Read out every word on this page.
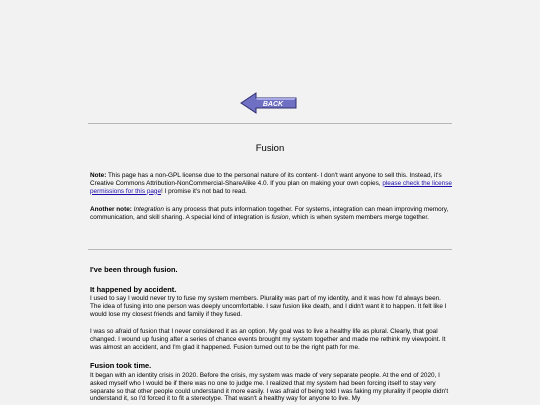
BACK
Fusion

Note: This page has a non-GPL license due to the personal nature of its content- I don't want anyone to sell this. Instead, it's Creative Commons Attribution-NonCommercial-ShareAlike 4.0. If you plan on making your own copies, please check the license permissions for this page! I promise it's not bad to read.

Another note: Integration is any process that puts information together. For systems, integration can mean improving memory, communication, and skill sharing. A special kind of integration is fusion, which is when system members merge together.

I've been through fusion.
It happened by accident.

I used to say I would never try to fuse my system members. Plurality was part of my identity, and it was how I'd always been. The idea of fusing into one person was deeply uncomfortable. I saw fusion like death, and I didn't want it to happen. It felt like I would lose my closest friends and family if they fused.

I was so afraid of fusion that I never considered it as an option. My goal was to live a healthy life as plural. Clearly, that goal changed. I wound up fusing after a series of chance events brought my system together and made me rethink my viewpoint. It was almost an accident, and I'm glad it happened. Fusion turned out to be the right path for me.

Fusion took time.

It began with an identity crisis in 2020. Before the crisis, my system was made of very separate people. At the end of 2020, I asked myself who I would be if there was no one to judge me. I realized that my system had been forcing itself to stay very separate so that other people could understand it more easily. I was afraid of being told I was faking my plurality if people didn't understand it, so I'd forced it to fit a stereotype. That wasn't a healthy way for anyone to live. My
